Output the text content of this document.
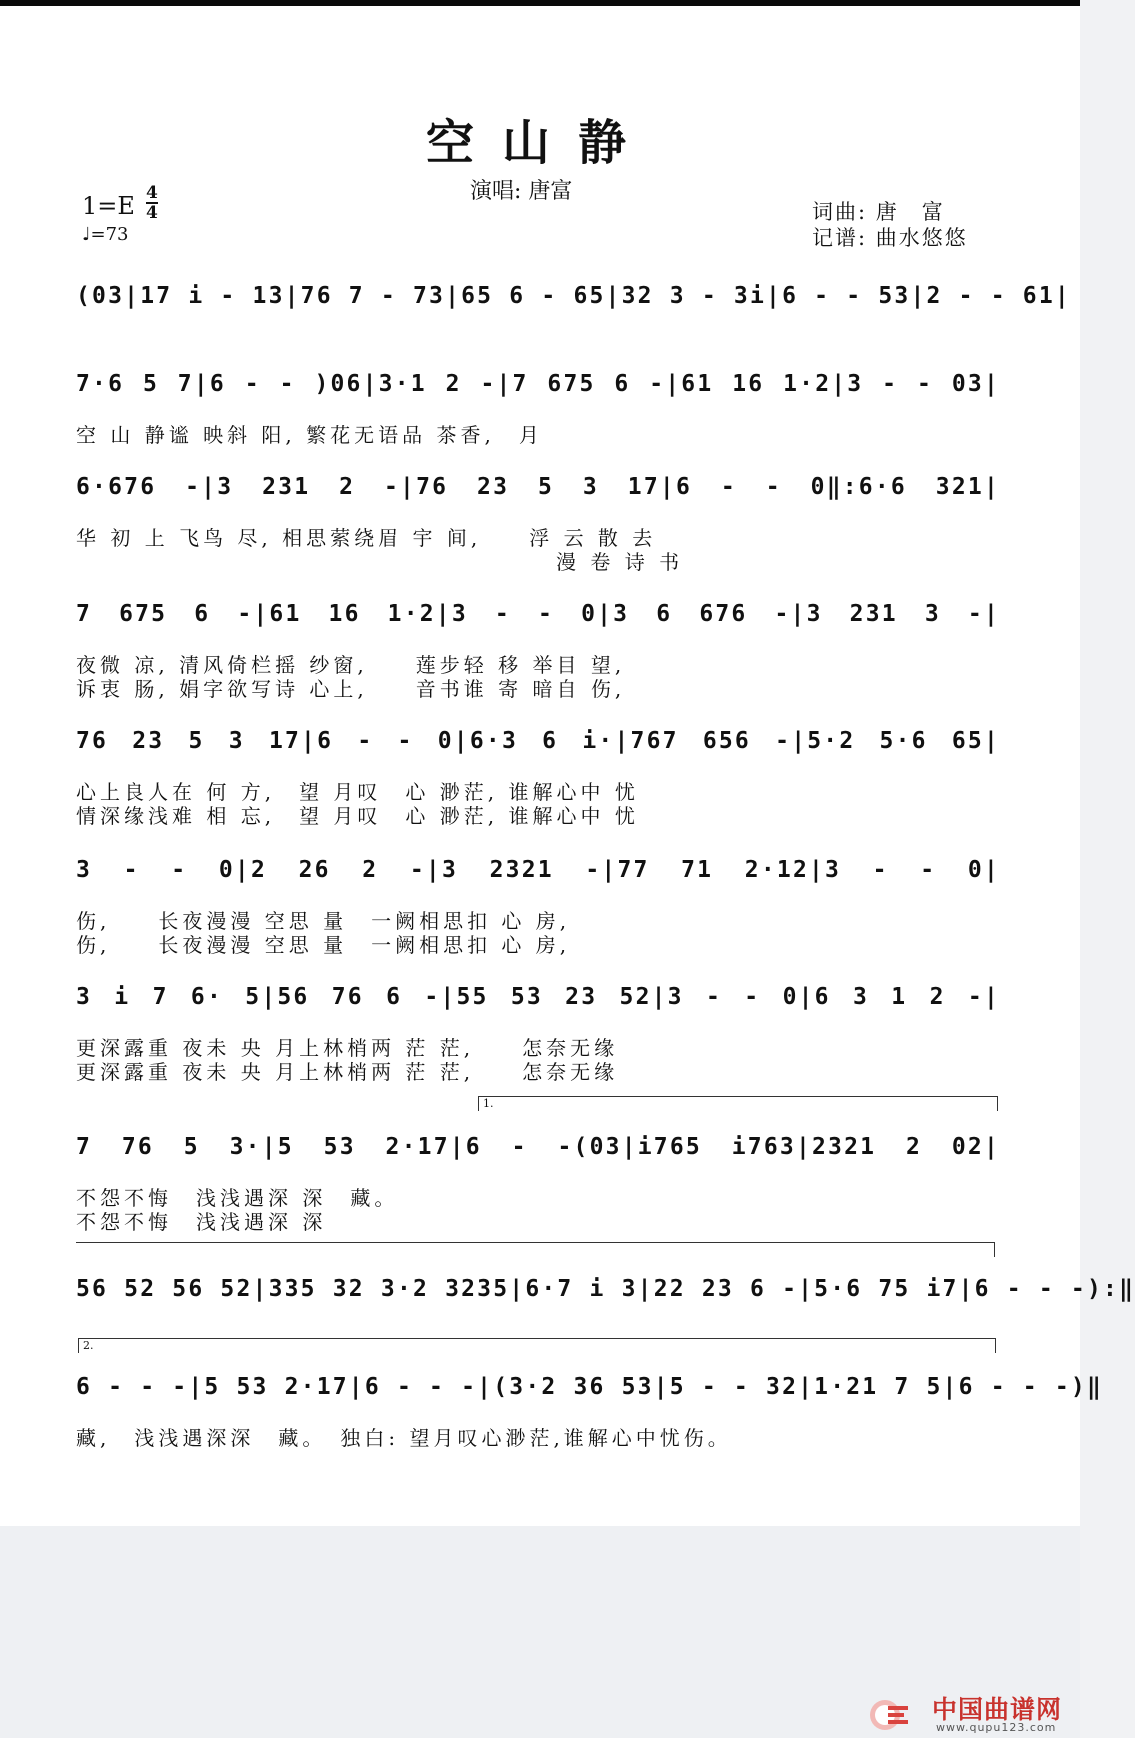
空山静
演唱: 唐富
1=E 4
4
♩=73
词曲: 唐　富
记谱: 曲水悠悠
(03|17 i - 13|76 7 - 73|65 6 - 65|32 3 - 3i|6 - - 53|2 - - 61|
7·6 5 7|6 - - )06|3·1 2 -|7 675 6 -|61 16 1·2|3 - - 03|
空 山 静谧 映斜 阳, 繁花无语品 茶香,　月
6·676 -|3 231 2 -|76 23 5 3 17|6 - - 0‖:6·6 321|
华 初 上 飞鸟 尽, 相思萦绕眉 宇 间,　　浮 云 散 去
　　　　　　　　　　　　　　　　　　　　漫 卷 诗 书
7 675 6 -|61 16 1·2|3 - - 0|3 6 676 -|3 231 3 -|
夜微 凉, 清风倚栏摇 纱窗,　　莲步轻 移 举目 望,
诉衷 肠, 娟字欲写诗 心上,　　音书谁 寄 暗自 伤,
76 23 5 3 17|6 - - 0|6·3 6 i·|767 656 -|5·2 5·6 65|
心上良人在 何 方,　望 月叹　心 渺茫, 谁解心中 忧
情深缘浅难 相 忘,　望 月叹　心 渺茫, 谁解心中 忧
3 - - 0|2 26 2 -|3 2321 -|77 71 2·12|3 - - 0|
伤,　　长夜漫漫 空思 量　一阙相思扣 心 房,
伤,　　长夜漫漫 空思 量　一阙相思扣 心 房,
3 i 7 6· 5|56 76 6 -|55 53 23 52|3 - - 0|6 3 1 2 -|
更深露重 夜未 央 月上林梢两 茫 茫,　　怎奈无缘
更深露重 夜未 央 月上林梢两 茫 茫,　　怎奈无缘
1.
7 76 5 3·|5 53 2·17|6 - -(03|i765 i763|2321 2 02|
不怨不悔　浅浅遇深 深　藏。
不怨不悔　浅浅遇深 深
56 52 56 52|335 32 3·2 3235|6·7 i 3|22 23 6 -|5·6 75 i7|6 - - -):‖
2.
6 - - -|5 53 2·17|6 - - -|(3·2 36 53|5 - - 32|1·21 7 5|6 - - -)‖
藏,　浅浅遇深深　藏。　独白: 望月叹心渺茫,谁解心中忧伤。
中国曲谱网
www.qupu123.com
